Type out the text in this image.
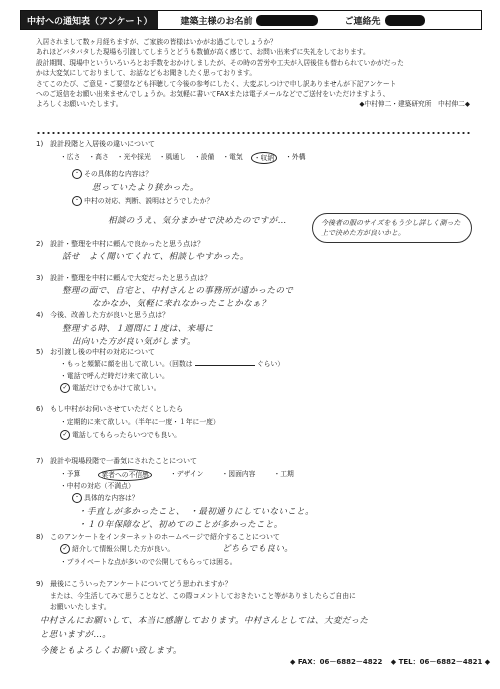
中村への通知表（アンケート）	建築主様のお名前	ご連絡先

入居されまして数ヶ月経ちますが、ご家族の皆様はいかがお過ごしでしょうか？

あれほどバタバタした現場も引渡してしまうとどうも数値が高く感じて、お問い出来ずに失礼をしております。

設計期間、現場中といういろいろとお手数をおかけしましたが、その時の苦労や工夫が入居後住も替わられていかがだった

かは大変気にしておりまして、お話などもお聞きしたく思っております。

さてこのたび、ご意見・ご要望なども拝聴して今後の参考にしたく、大変ぶしつけで申し訳ありませんが下記アンケート

へのご返信をお願い出来ませんでしょうか。お気軽に書いてFAXまたは電子メールなどでご送付をいただけますよう、

よろしくお願いいたします。	◆中村伸二・建築研究所　中村伸二◆

1)　設計段階と入居後の違いについて
・広さ ・高さ ・光や採光 ・風通し ・設備 ・電気	・収納	・外構
・ その具体的な内容は？
思っていたより狭かった。
・ 中村の対応、判断、説明はどうでしたか？
相談のうえ、気分まかせで決めたのですが…	今後者の服のサイズをもう少し詳しく測った上で決めた方が良いかと。
2)　設計・整理を中村に頼んで良かったと思う点は？
話せ　よく聞いてくれて、相談しやすかった。
3)　設計・整理を中村に頼んで大変だったと思う点は？
整理の面で、自宅と、中村さんとの事務所が遠かったので
なかなか、気軽に来れなかったことかなぁ？
4)　今後、改善した方が良いと思う点は？
整理する時、１週間に１度は、来場に
出向いた方が良い気がします。
5)　お引渡し後の中村の対応について
・もっと頻繁に顔を出して欲しい。（回数は	ぐらい）
・電話で呼んだ時だけ来て欲しい。
✓ 電話だけでもかけて欲しい。
6)　もし中村がお伺いさせていただくとしたら
・定期的に来て欲しい。（半年に一度・１年に一度）
✓ 電話してもらったらいつでも良い。
7)　設計や現場段階で一番気にされたことについて
・予算	業者への不信感	・デザイン	・図面内容	・工期
・中村の対応（不満点）
・ 具体的な内容は？
・手直しが多かったこと、　・最初通りにしていないこと。
・１０年保障など、初めてのことが多かったこと。
8)　このアンケートをインターネットのホームページで紹介することについて
✓ 紹介して情報公開した方が良い。	どちらでも良い。
・プライベートな点が多いので公開してもらっては困る。
9)　最後にこういったアンケートについてどう思われますか？
または、今生活してみて思うことなど、この際コメントしておきたいこと等がありましたらご自由に
お願いいたします。
中村さんにお願いして、本当に感謝しております。中村さんとしては、大変だった
と思いますが…。
今後ともよろしくお願い致します。
◆ FAX：06－6882－4822 ◆ TEL：06－6882－4821 ◆
